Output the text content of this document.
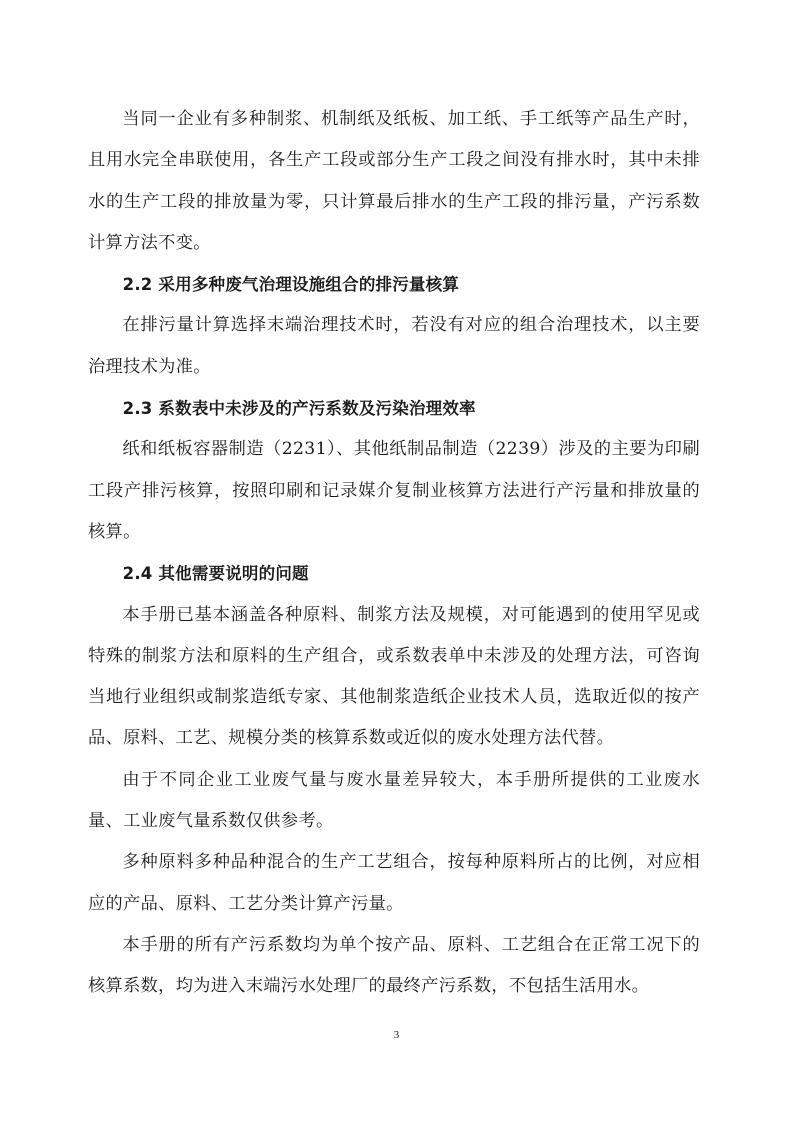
当同一企业有多种制浆、机制纸及纸板、加工纸、手工纸等产品生产时，且用水完全串联使用，各生产工段或部分生产工段之间没有排水时，其中未排水的生产工段的排放量为零，只计算最后排水的生产工段的排污量，产污系数计算方法不变。

2.2 采用多种废气治理设施组合的排污量核算

在排污量计算选择末端治理技术时，若没有对应的组合治理技术，以主要治理技术为准。

2.3 系数表中未涉及的产污系数及污染治理效率

纸和纸板容器制造（2231）、其他纸制品制造（2239）涉及的主要为印刷工段产排污核算，按照印刷和记录媒介复制业核算方法进行产污量和排放量的核算。

2.4 其他需要说明的问题

本手册已基本涵盖各种原料、制浆方法及规模，对可能遇到的使用罕见或特殊的制浆方法和原料的生产组合，或系数表单中未涉及的处理方法，可咨询当地行业组织或制浆造纸专家、其他制浆造纸企业技术人员，选取近似的按产品、原料、工艺、规模分类的核算系数或近似的废水处理方法代替。

由于不同企业工业废气量与废水量差异较大，本手册所提供的工业废水量、工业废气量系数仅供参考。

多种原料多种品种混合的生产工艺组合，按每种原料所占的比例，对应相应的产品、原料、工艺分类计算产污量。

本手册的所有产污系数均为单个按产品、原料、工艺组合在正常工况下的核算系数，均为进入末端污水处理厂的最终产污系数，不包括生活用水。

3
